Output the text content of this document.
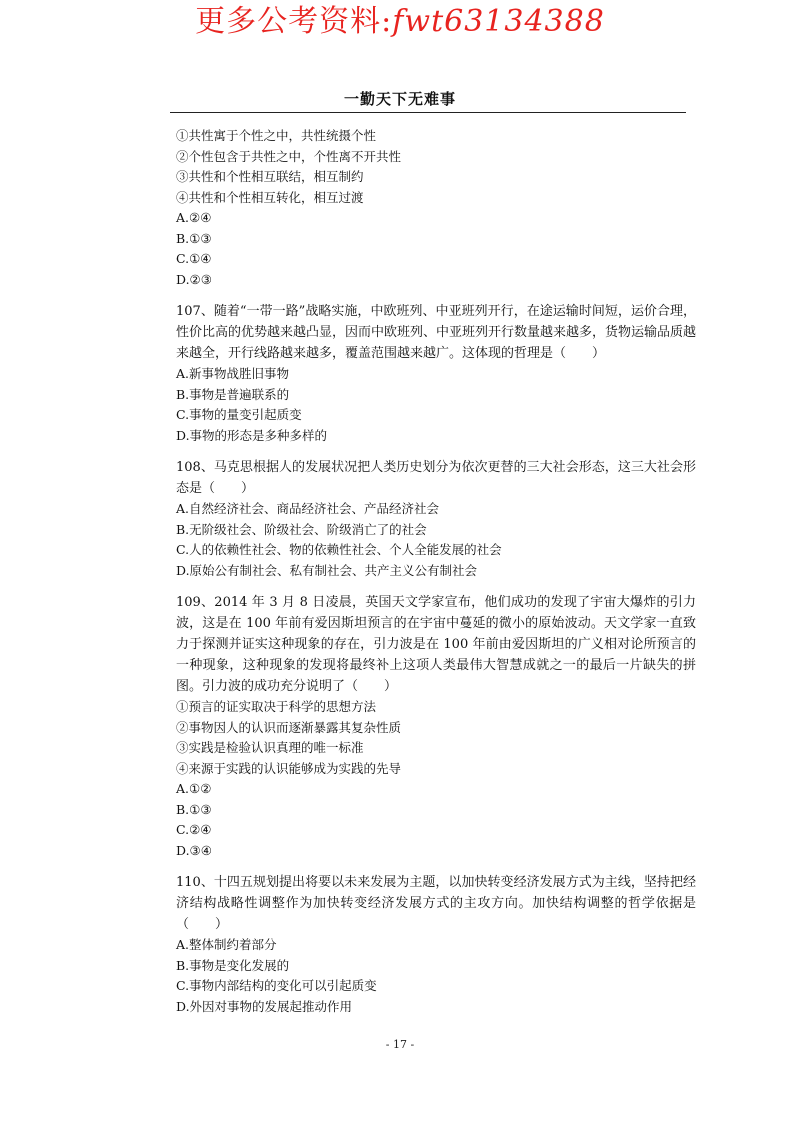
更多公考资料:fwt63134388
一勤天下无难事
①共性寓于个性之中，共性统摄个性
②个性包含于共性之中，个性离不开共性
③共性和个性相互联结，相互制约
④共性和个性相互转化，相互过渡
A.②④
B.①③
C.①④
D.②③
107、随着“一带一路”战略实施，中欧班列、中亚班列开行，在途运输时间短，运价合理，性价比高的优势越来越凸显，因而中欧班列、中亚班列开行数量越来越多，货物运输品质越来越全，开行线路越来越多，覆盖范围越来越广。这体现的哲理是（　　）
A.新事物战胜旧事物
B.事物是普遍联系的
C.事物的量变引起质变
D.事物的形态是多种多样的
108、马克思根据人的发展状况把人类历史划分为依次更替的三大社会形态，这三大社会形态是（　　）
A.自然经济社会、商品经济社会、产品经济社会
B.无阶级社会、阶级社会、阶级消亡了的社会
C.人的依赖性社会、物的依赖性社会、个人全能发展的社会
D.原始公有制社会、私有制社会、共产主义公有制社会
109、2014 年 3 月 8 日凌晨，英国天文学家宣布，他们成功的发现了宇宙大爆炸的引力波，这是在 100 年前有爱因斯坦预言的在宇宙中蔓延的微小的原始波动。天文学家一直致力于探测并证实这种现象的存在，引力波是在 100 年前由爱因斯坦的广义相对论所预言的一种现象，这种现象的发现将最终补上这项人类最伟大智慧成就之一的最后一片缺失的拼图。引力波的成功充分说明了（　　）
①预言的证实取决于科学的思想方法
②事物因人的认识而逐渐暴露其复杂性质
③实践是检验认识真理的唯一标准
④来源于实践的认识能够成为实践的先导
A.①②
B.①③
C.②④
D.③④
110、十四五规划提出将要以未来发展为主题，以加快转变经济发展方式为主线，坚持把经济结构战略性调整作为加快转变经济发展方式的主攻方向。加快结构调整的哲学依据是（　　）
A.整体制约着部分
B.事物是变化发展的
C.事物内部结构的变化可以引起质变
D.外因对事物的发展起推动作用
- 17 -
